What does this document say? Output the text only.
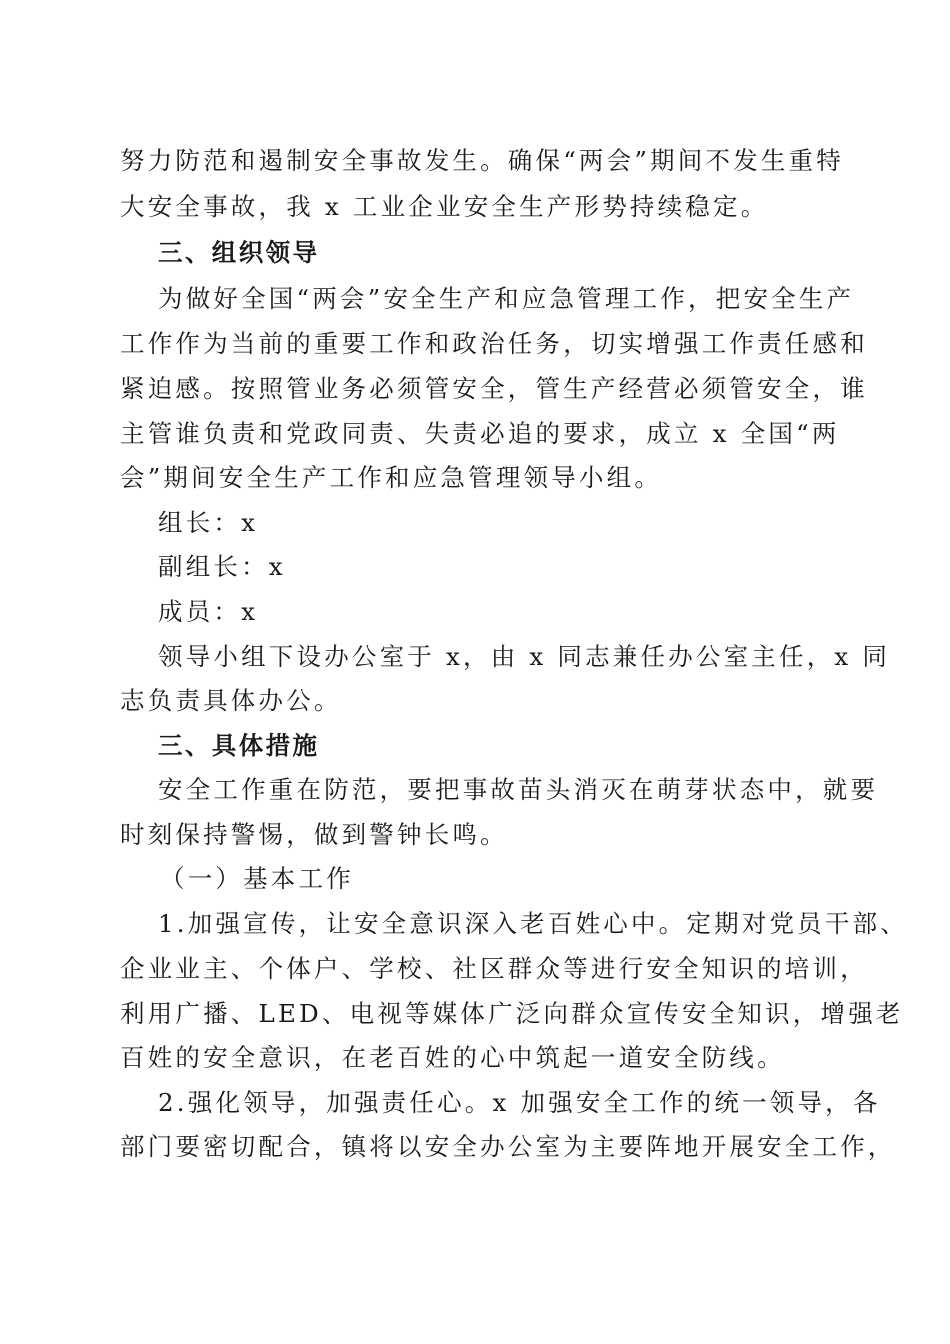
努力防范和遏制安全事故发生。确保“两会”期间不发生重特
大安全事故，我 x 工业企业安全生产形势持续稳定。
三、组织领导
为做好全国“两会”安全生产和应急管理工作，把安全生产
工作作为当前的重要工作和政治任务，切实增强工作责任感和
紧迫感。按照管业务必须管安全，管生产经营必须管安全，谁
主管谁负责和党政同责、失责必追的要求，成立 x 全国“两
会”期间安全生产工作和应急管理领导小组。
组长：x
副组长：x
成员：x
领导小组下设办公室于 x，由 x 同志兼任办公室主任，x 同
志负责具体办公。
三、具体措施
安全工作重在防范，要把事故苗头消灭在萌芽状态中，就要
时刻保持警惕，做到警钟长鸣。
（一）基本工作
1.加强宣传，让安全意识深入老百姓心中。定期对党员干部、
企业业主、个体户、学校、社区群众等进行安全知识的培训，
利用广播、LED、电视等媒体广泛向群众宣传安全知识，增强老
百姓的安全意识，在老百姓的心中筑起一道安全防线。
2.强化领导，加强责任心。x 加强安全工作的统一领导，各
部门要密切配合，镇将以安全办公室为主要阵地开展安全工作，
